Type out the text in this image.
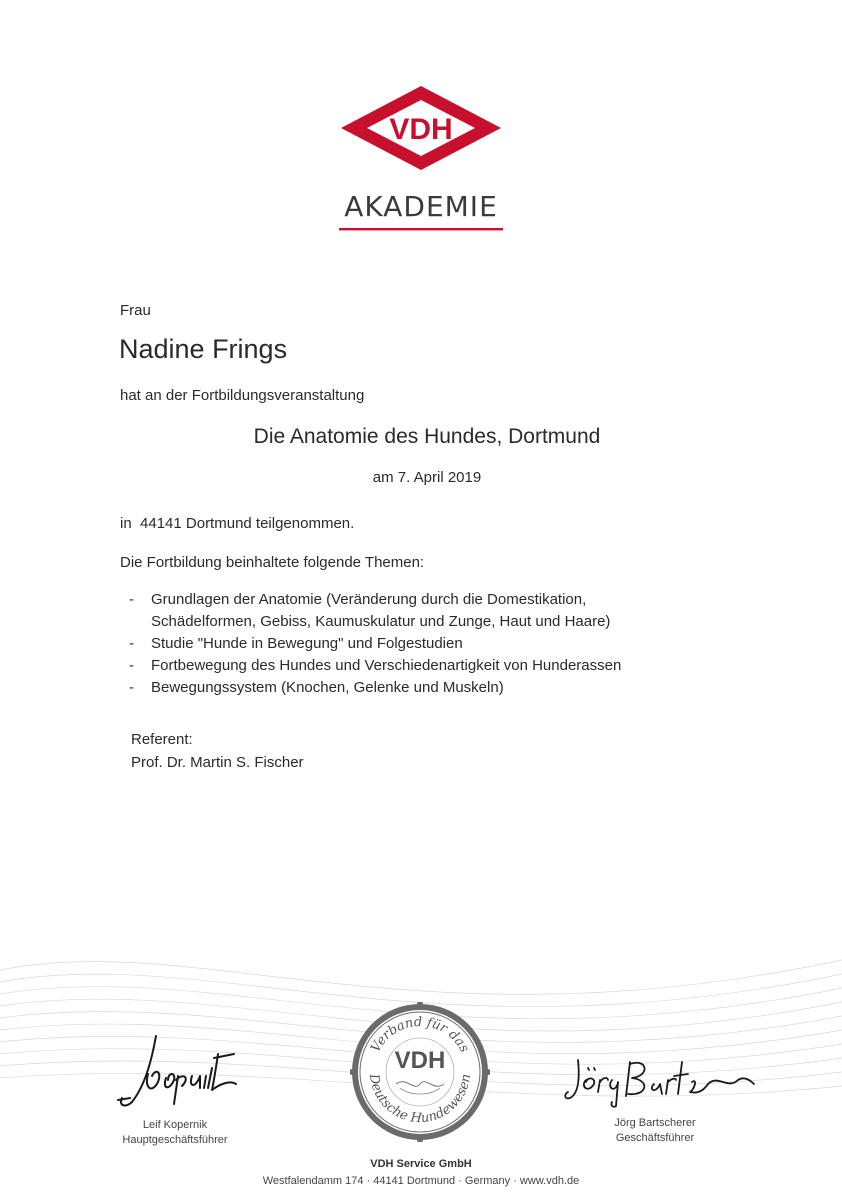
VDH
AKADEMIE
Frau
Nadine Frings
hat an der Fortbildungsveranstaltung
Die Anatomie des Hundes, Dortmund
am 7. April 2019
in  44141 Dortmund teilgenommen.
Die Fortbildung beinhaltete folgende Themen:
- Grundlagen der Anatomie (Veränderung durch die Domestikation,
Schädelformen, Gebiss, Kaumuskulatur und Zunge, Haut und Haare)
- Studie "Hunde in Bewegung" und Folgestudien
- Fortbewegung des Hundes und Verschiedenartigkeit von Hunderassen
- Bewegungssystem (Knochen, Gelenke und Muskeln)
Referent:
Prof. Dr. Martin S. Fischer
Leif Kopernik
Hauptgeschäftsführer
Verband für das
Deutsche Hundewesen
VDH
Jörg Bartscherer
Geschäftsführer
VDH Service GmbH
Westfalendamm 174 · 44141 Dortmund · Germany · www.vdh.de
